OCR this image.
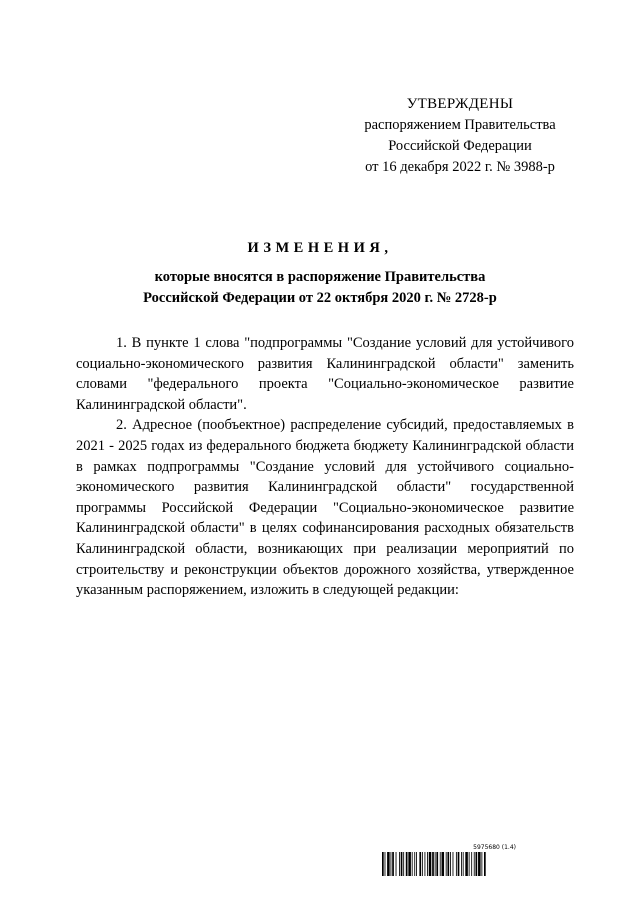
УТВЕРЖДЕНЫ
распоряжением Правительства
Российской Федерации
от 16 декабря 2022 г. № 3988-р
ИЗМЕНЕНИЯ,
которые вносятся в распоряжение Правительства
Российской Федерации от 22 октября 2020 г. № 2728-р

1. В пункте 1 слова "подпрограммы "Создание условий для устойчивого социально-экономического развития Калининградской области" заменить словами "федерального проекта "Социально-экономическое развитие Калининградской области".

2. Адресное (пообъектное) распределение субсидий, предоставляемых в 2021 - 2025 годах из федерального бюджета бюджету Калининградской области в рамках подпрограммы "Создание условий для устойчивого социально-экономического развития Калининградской области" государственной программы Российской Федерации "Социально-экономическое развитие Калининградской области" в целях софинансирования расходных обязательств Калининградской области, возникающих при реализации мероприятий по строительству и реконструкции объектов дорожного хозяйства, утвержденное указанным распоряжением, изложить в следующей редакции:

5975680 (1.4)
